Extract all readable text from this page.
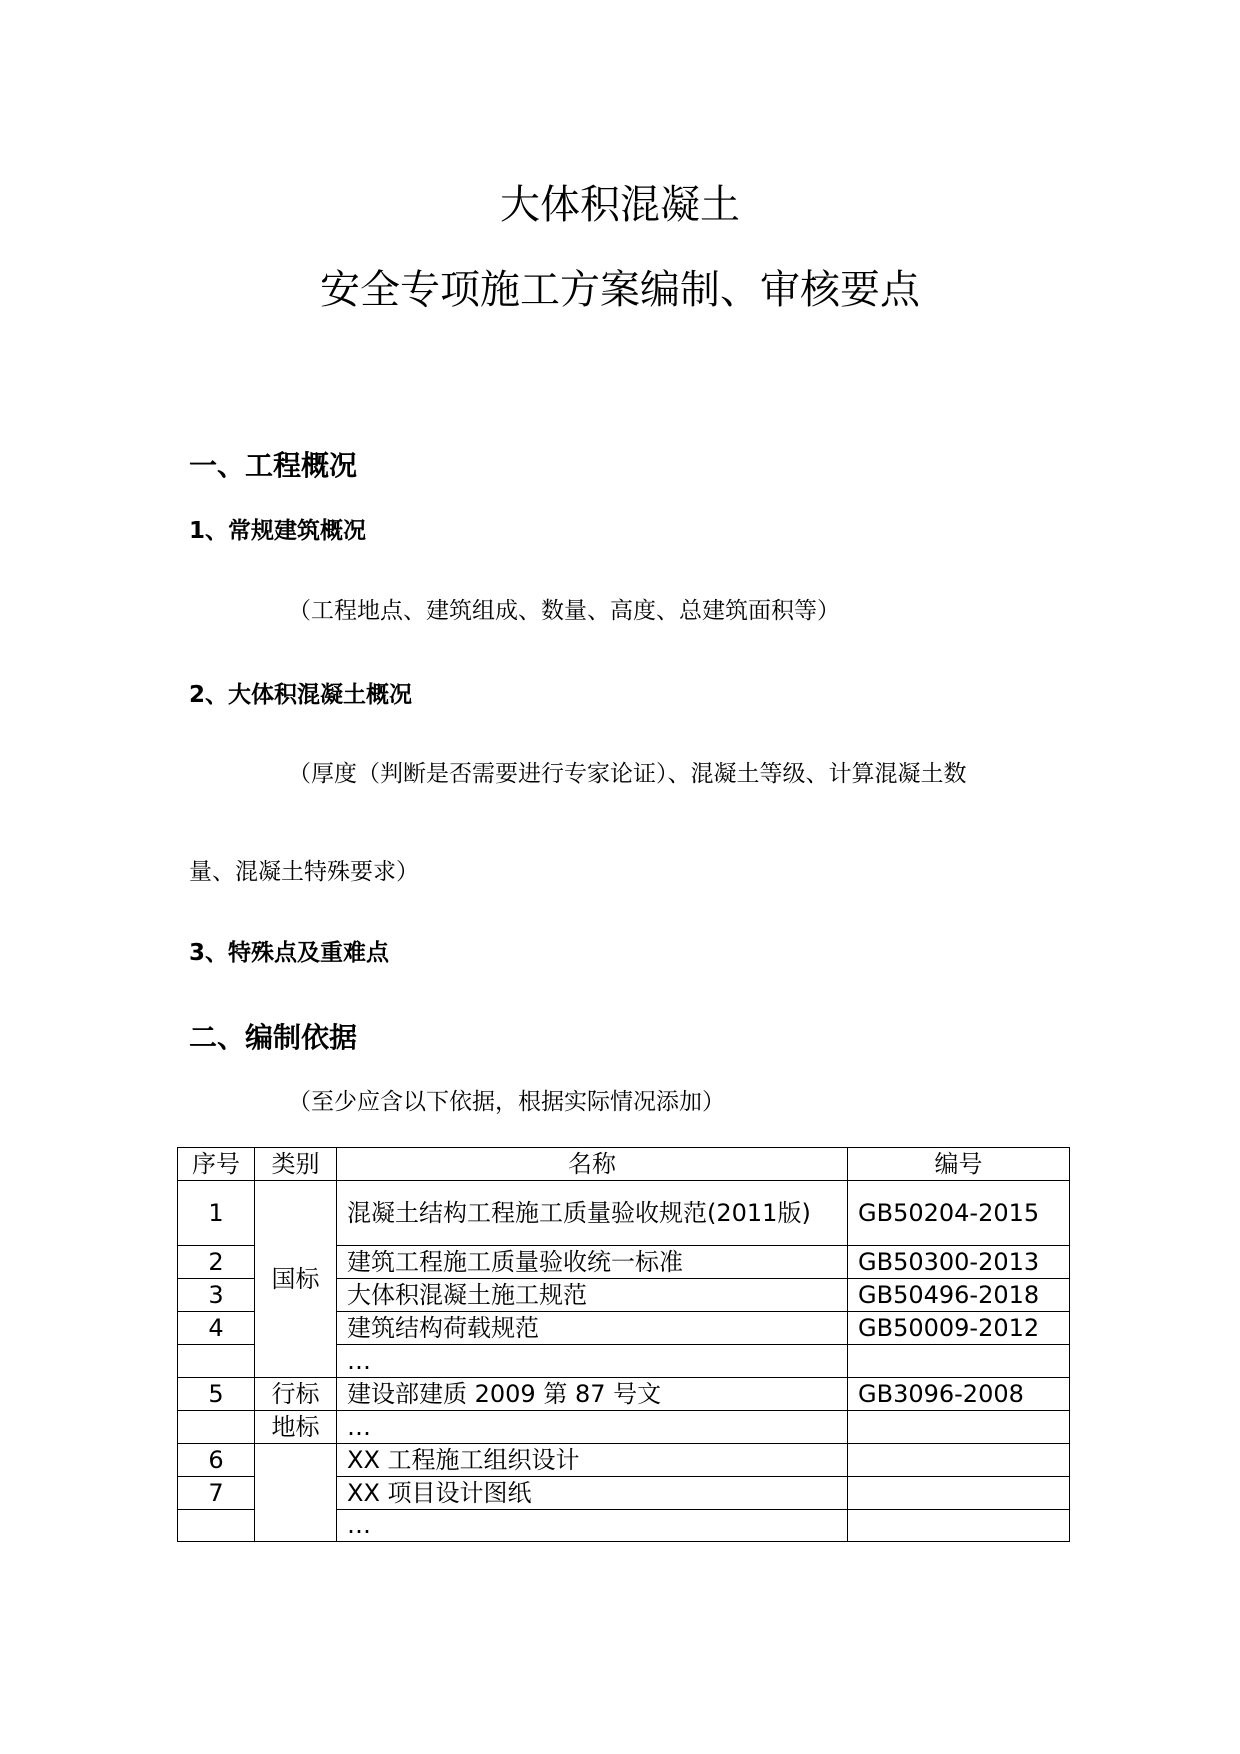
大体积混凝土
安全专项施工方案编制、审核要点
一、工程概况
1、常规建筑概况

（工程地点、建筑组成、数量、高度、总建筑面积等）

2、大体积混凝土概况

（厚度（判断是否需要进行专家论证）、混凝土等级、计算混凝土数

量、混凝土特殊要求）

3、特殊点及重难点
二、编制依据

（至少应含以下依据，根据实际情况添加）

序号	类别	名称	编号
1	国标	混凝土结构工程施工质量验收规范(2011版)	GB50204-2015
2		建筑工程施工质量验收统一标准	GB50300-2013
3		大体积混凝土施工规范	GB50496-2018
4		建筑结构荷载规范	GB50009-2012
		…	
5	行标	建设部建质 2009 第 87 号文	GB3096-2008
	地标	…	
6		XX 工程施工组织设计	
7		XX 项目设计图纸	
		…	
